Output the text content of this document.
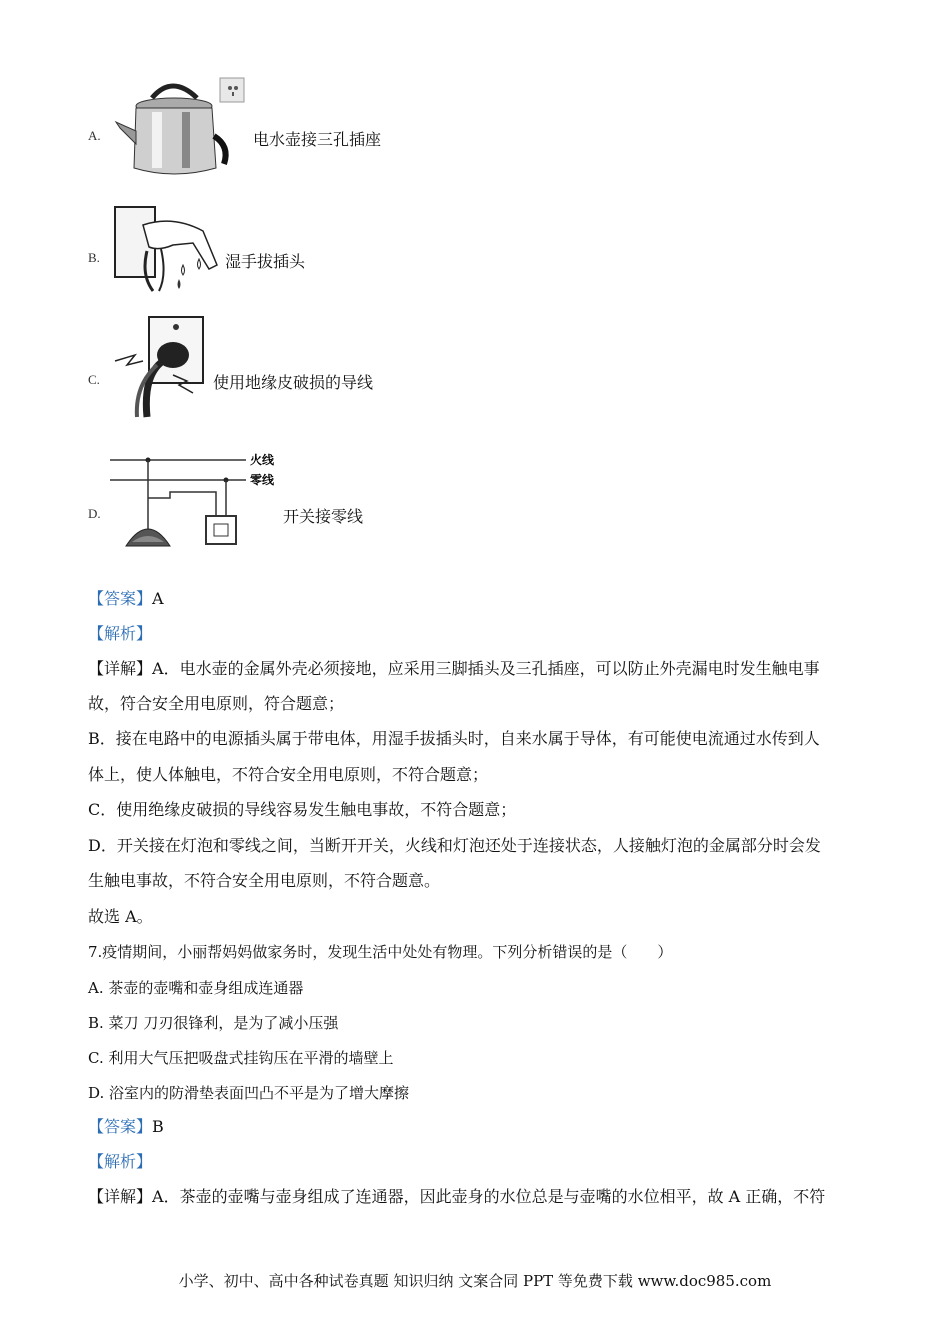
A.	电水壶接三孔插座
B.	湿手拔插头
C.	使用地缘皮破损的导线
D.
火线
零线
开关接零线
【答案】A
【解析】
【详解】A．电水壶的金属外壳必须接地，应采用三脚插头及三孔插座，可以防止外壳漏电时发生触电事
故，符合安全用电原则，符合题意；
B．接在电路中的电源插头属于带电体，用湿手拔插头时，自来水属于导体，有可能使电流通过水传到人
体上，使人体触电，不符合安全用电原则，不符合题意；
C．使用绝缘皮破损的导线容易发生触电事故，不符合题意；
D．开关接在灯泡和零线之间，当断开开关，火线和灯泡还处于连接状态，人接触灯泡的金属部分时会发
生触电事故，不符合安全用电原则，不符合题意。
故选 A。
7.疫情期间，小丽帮妈妈做家务时，发现生活中处处有物理。下列分析错误的是（　　）
A. 茶壶的壶嘴和壶身组成连通器
B. 菜刀 刀刃很锋利，是为了减小压强
C. 利用大气压把吸盘式挂钩压在平滑的墙壁上
D. 浴室内的防滑垫表面凹凸不平是为了增大摩擦
【答案】B
【解析】
【详解】A．茶壶的壶嘴与壶身组成了连通器，因此壶身的水位总是与壶嘴的水位相平，故 A 正确，不符
小学、初中、高中各种试卷真题 知识归纳 文案合同 PPT 等免费下载 www.doc985.com
